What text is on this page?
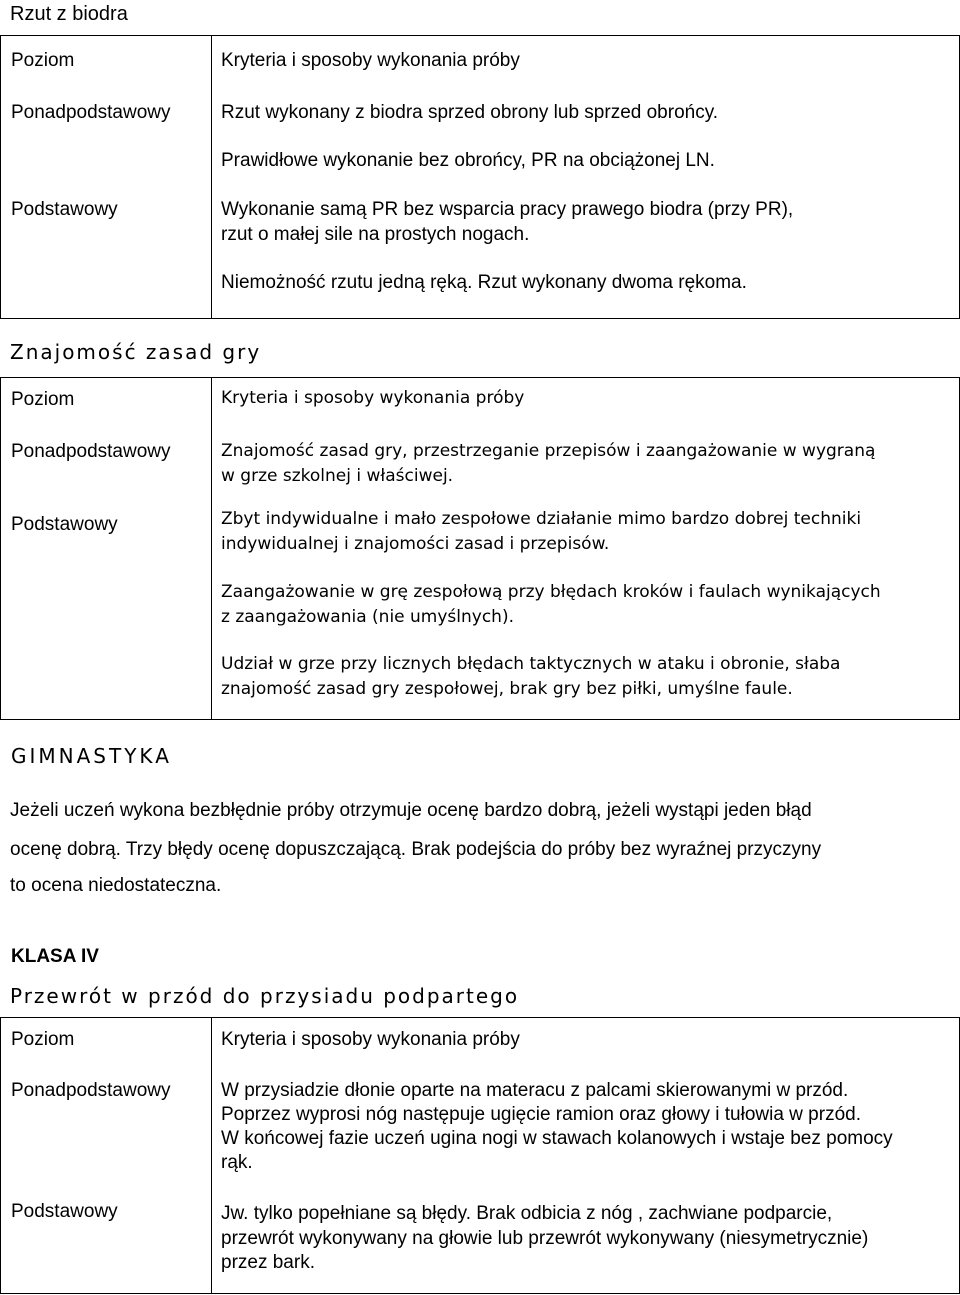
Rzut z biodra

Poziom	Kryteria i sposoby wykonania próby
Ponadpodstawowy	Rzut wykonany z biodra sprzed obrony lub sprzed obrońcy.
Prawidłowe wykonanie bez obrońcy, PR na obciążonej LN.
Podstawowy	Wykonanie samą PR bez wsparcia pracy prawego biodra (przy PR),
rzut o małej sile na prostych nogach.
Niemożność rzutu jedną ręką. Rzut wykonany dwoma rękoma.
Znajomość zasad gry

Poziom	Kryteria i sposoby wykonania próby
Ponadpodstawowy	Znajomość zasad gry, przestrzeganie przepisów i zaangażowanie w wygraną
w grze szkolnej i właściwej.
Podstawowy	Zbyt indywidualne i mało zespołowe działanie mimo bardzo dobrej techniki
indywidualnej i znajomości zasad i przepisów.
Zaangażowanie w grę zespołową przy błędach kroków i faulach wynikających
z zaangażowania (nie umyślnych).
Udział w grze przy licznych błędach taktycznych w ataku i obronie, słaba
znajomość zasad gry zespołowej, brak gry bez piłki, umyślne faule.
GIMNASTYKA
Jeżeli uczeń wykona bezbłędnie próby otrzymuje ocenę bardzo dobrą, jeżeli wystąpi jeden błąd
ocenę dobrą. Trzy błędy ocenę dopuszczającą. Brak podejścia do próby bez wyraźnej przyczyny
to ocena niedostateczna.
KLASA IV
Przewrót w przód do przysiadu podpartego

Poziom	Kryteria i sposoby wykonania próby
Ponadpodstawowy	W przysiadzie dłonie oparte na materacu z palcami skierowanymi w przód.
Poprzez wyprosi nóg następuje ugięcie ramion oraz głowy i tułowia w przód.
W końcowej fazie uczeń ugina nogi w stawach kolanowych i wstaje bez pomocy
rąk.
Podstawowy	Jw. tylko popełniane są błędy. Brak odbicia z nóg , zachwiane podparcie,
przewrót wykonywany na głowie lub przewrót wykonywany (niesymetrycznie)
przez bark.
